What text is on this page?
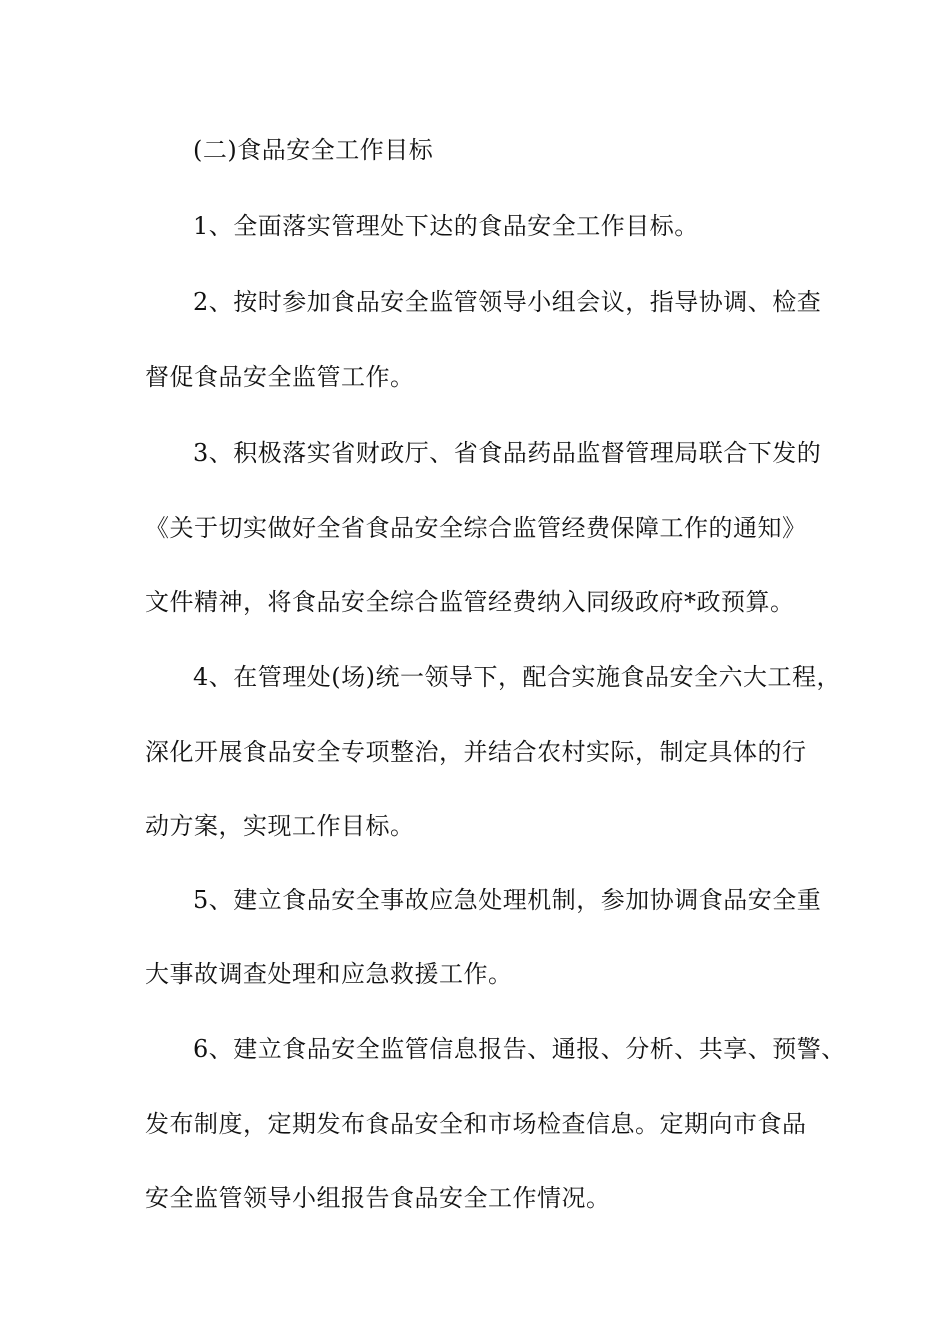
(二)食品安全工作目标
1、全面落实管理处下达的食品安全工作目标。
2、按时参加食品安全监管领导小组会议，指导协调、检查
督促食品安全监管工作。
3、积极落实省财政厅、省食品药品监督管理局联合下发的
《关于切实做好全省食品安全综合监管经费保障工作的通知》
文件精神，将食品安全综合监管经费纳入同级政府*政预算。
4、在管理处(场)统一领导下，配合实施食品安全六大工程，
深化开展食品安全专项整治，并结合农村实际，制定具体的行
动方案，实现工作目标。
5、建立食品安全事故应急处理机制，参加协调食品安全重
大事故调查处理和应急救援工作。
6、建立食品安全监管信息报告、通报、分析、共享、预警、
发布制度，定期发布食品安全和市场检查信息。定期向市食品
安全监管领导小组报告食品安全工作情况。
